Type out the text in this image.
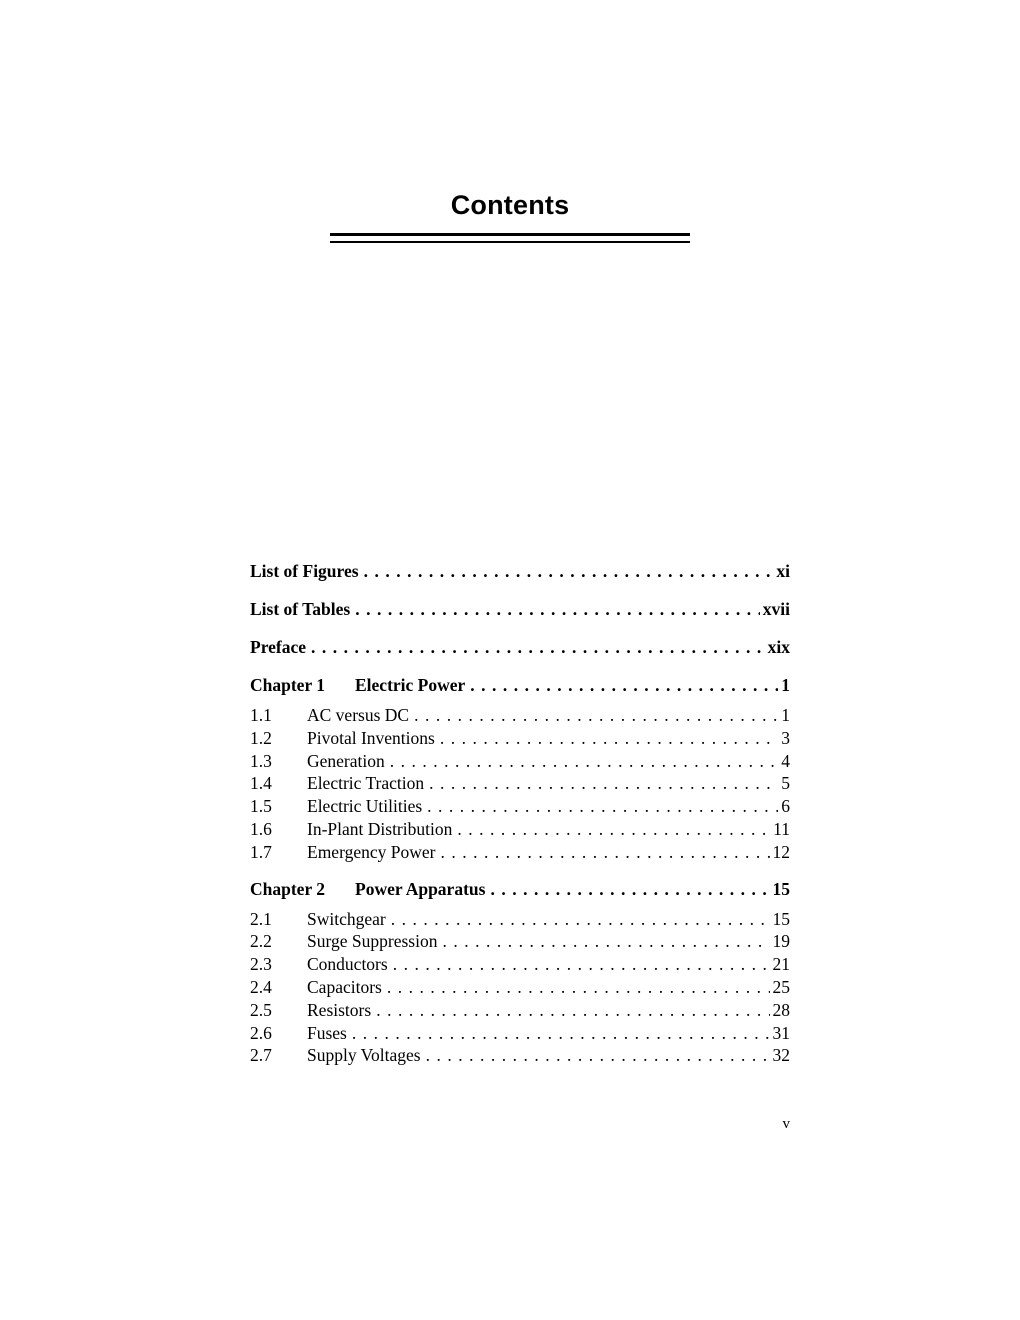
Contents
List of Figures .....	xi
List of Tables .....	xvii
Preface .....	xix
Chapter 1	Electric Power .....	1
1.1	AC versus DC .....	1
1.2	Pivotal Inventions .....	3
1.3	Generation .....	4
1.4	Electric Traction .....	5
1.5	Electric Utilities .....	6
1.6	In-Plant Distribution .....	11
1.7	Emergency Power .....	12
Chapter 2	Power Apparatus .....	15
2.1	Switchgear .....	15
2.2	Surge Suppression .....	19
2.3	Conductors .....	21
2.4	Capacitors .....	25
2.5	Resistors .....	28
2.6	Fuses .....	31
2.7	Supply Voltages .....	32
v
